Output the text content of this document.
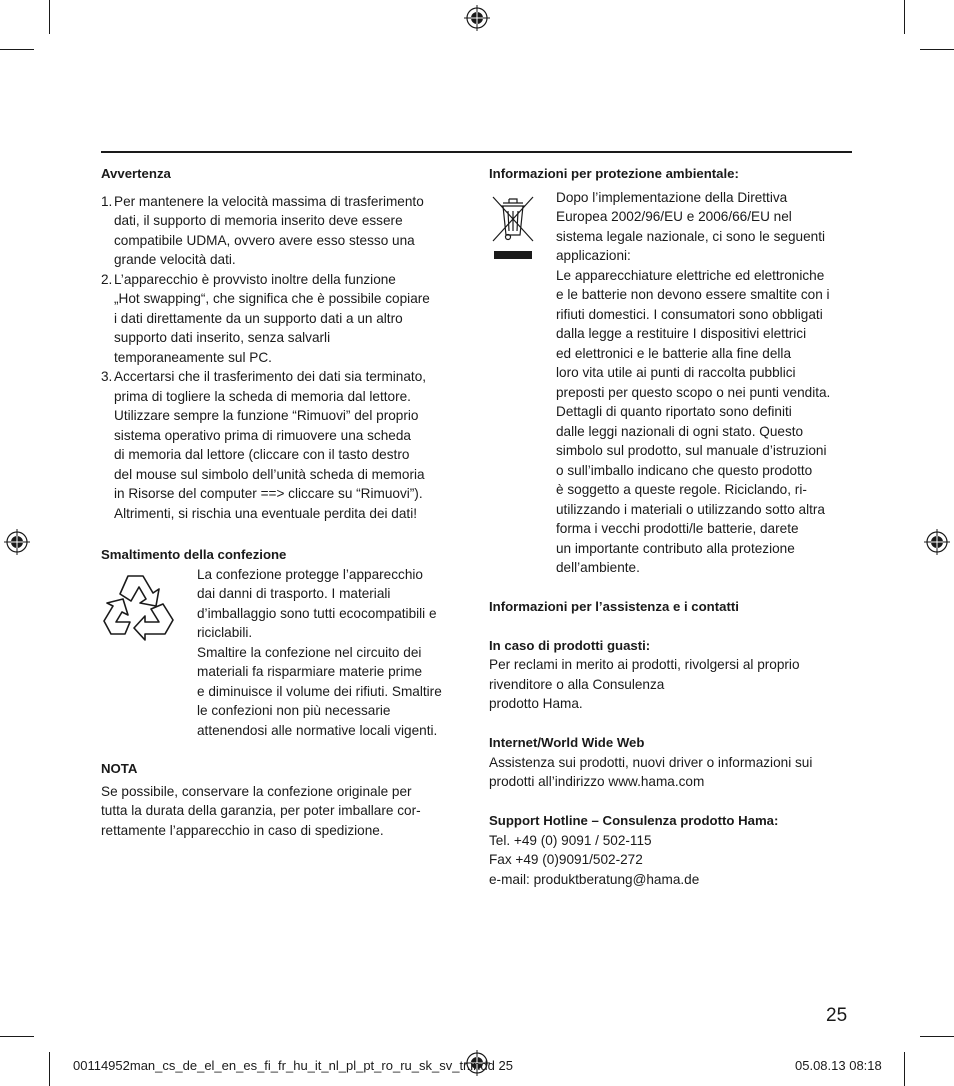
Avvertenza
1. Per mantenere la velocità massima di trasferimento
dati, il supporto di memoria inserito deve essere
compatibile UDMA, ovvero avere esso stesso una
grande velocità dati.
2. L’apparecchio è provvisto inoltre della funzione
„Hot swapping“, che significa che è possibile copiare
i dati direttamente da un supporto dati a un altro
supporto dati inserito, senza salvarli
temporaneamente sul PC.
3. Accertarsi che il trasferimento dei dati sia terminato,
prima di togliere la scheda di memoria dal lettore.
Utilizzare sempre la funzione “Rimuovi” del proprio
sistema operativo prima di rimuovere una scheda
di memoria dal lettore (cliccare con il tasto destro
del mouse sul simbolo dell’unità scheda di memoria
in Risorse del computer ==> cliccare su “Rimuovi”).
Altrimenti, si rischia una eventuale perdita dei dati!
Smaltimento della confezione
La confezione protegge l’apparecchio
dai danni di trasporto. I materiali
d’imballaggio sono tutti ecocompatibili e
riciclabili.
Smaltire la confezione nel circuito dei
materiali fa risparmiare materie prime
e diminuisce il volume dei rifiuti. Smaltire
le confezioni non più necessarie
attenendosi alle normative locali vigenti.
NOTA
Se possibile, conservare la confezione originale per
tutta la durata della garanzia, per poter imballare cor-
rettamente l’apparecchio in caso di spedizione.
Informazioni per protezione ambientale:
Dopo l’implementazione della Direttiva
Europea 2002/96/EU e 2006/66/EU nel
sistema legale nazionale, ci sono le seguenti
applicazioni:
Le apparecchiature elettriche ed elettroniche
e le batterie non devono essere smaltite con i
rifiuti domestici. I consumatori sono obbligati
dalla legge a restituire I dispositivi elettrici
ed elettronici e le batterie alla fine della
loro vita utile ai punti di raccolta pubblici
preposti per questo scopo o nei punti vendita.
Dettagli di quanto riportato sono definiti
dalle leggi nazionali di ogni stato. Questo
simbolo sul prodotto, sul manuale d’istruzioni
o sull’imballo indicano che questo prodotto
è soggetto a queste regole. Riciclando, ri-
utilizzando i materiali o utilizzando sotto altra
forma i vecchi prodotti/le batterie, darete
un importante contributo alla protezione
dell’ambiente.
Informazioni per l’assistenza e i contatti
In caso di prodotti guasti:
Per reclami in merito ai prodotti, rivolgersi al proprio
rivenditore o alla Consulenza
prodotto Hama.
Internet/World Wide Web
Assistenza sui prodotti, nuovi driver o informazioni sui
prodotti all’indirizzo www.hama.com
Support Hotline – Consulenza prodotto Hama:
Tel. +49 (0) 9091 / 502-115
Fax +49 (0)9091/502-272
e-mail: produktberatung@hama.de
25
00114952man_cs_de_el_en_es_fi_fr_hu_it_nl_pl_pt_ro_ru_sk_sv_tr.indd 25	05.08.13 08:18
